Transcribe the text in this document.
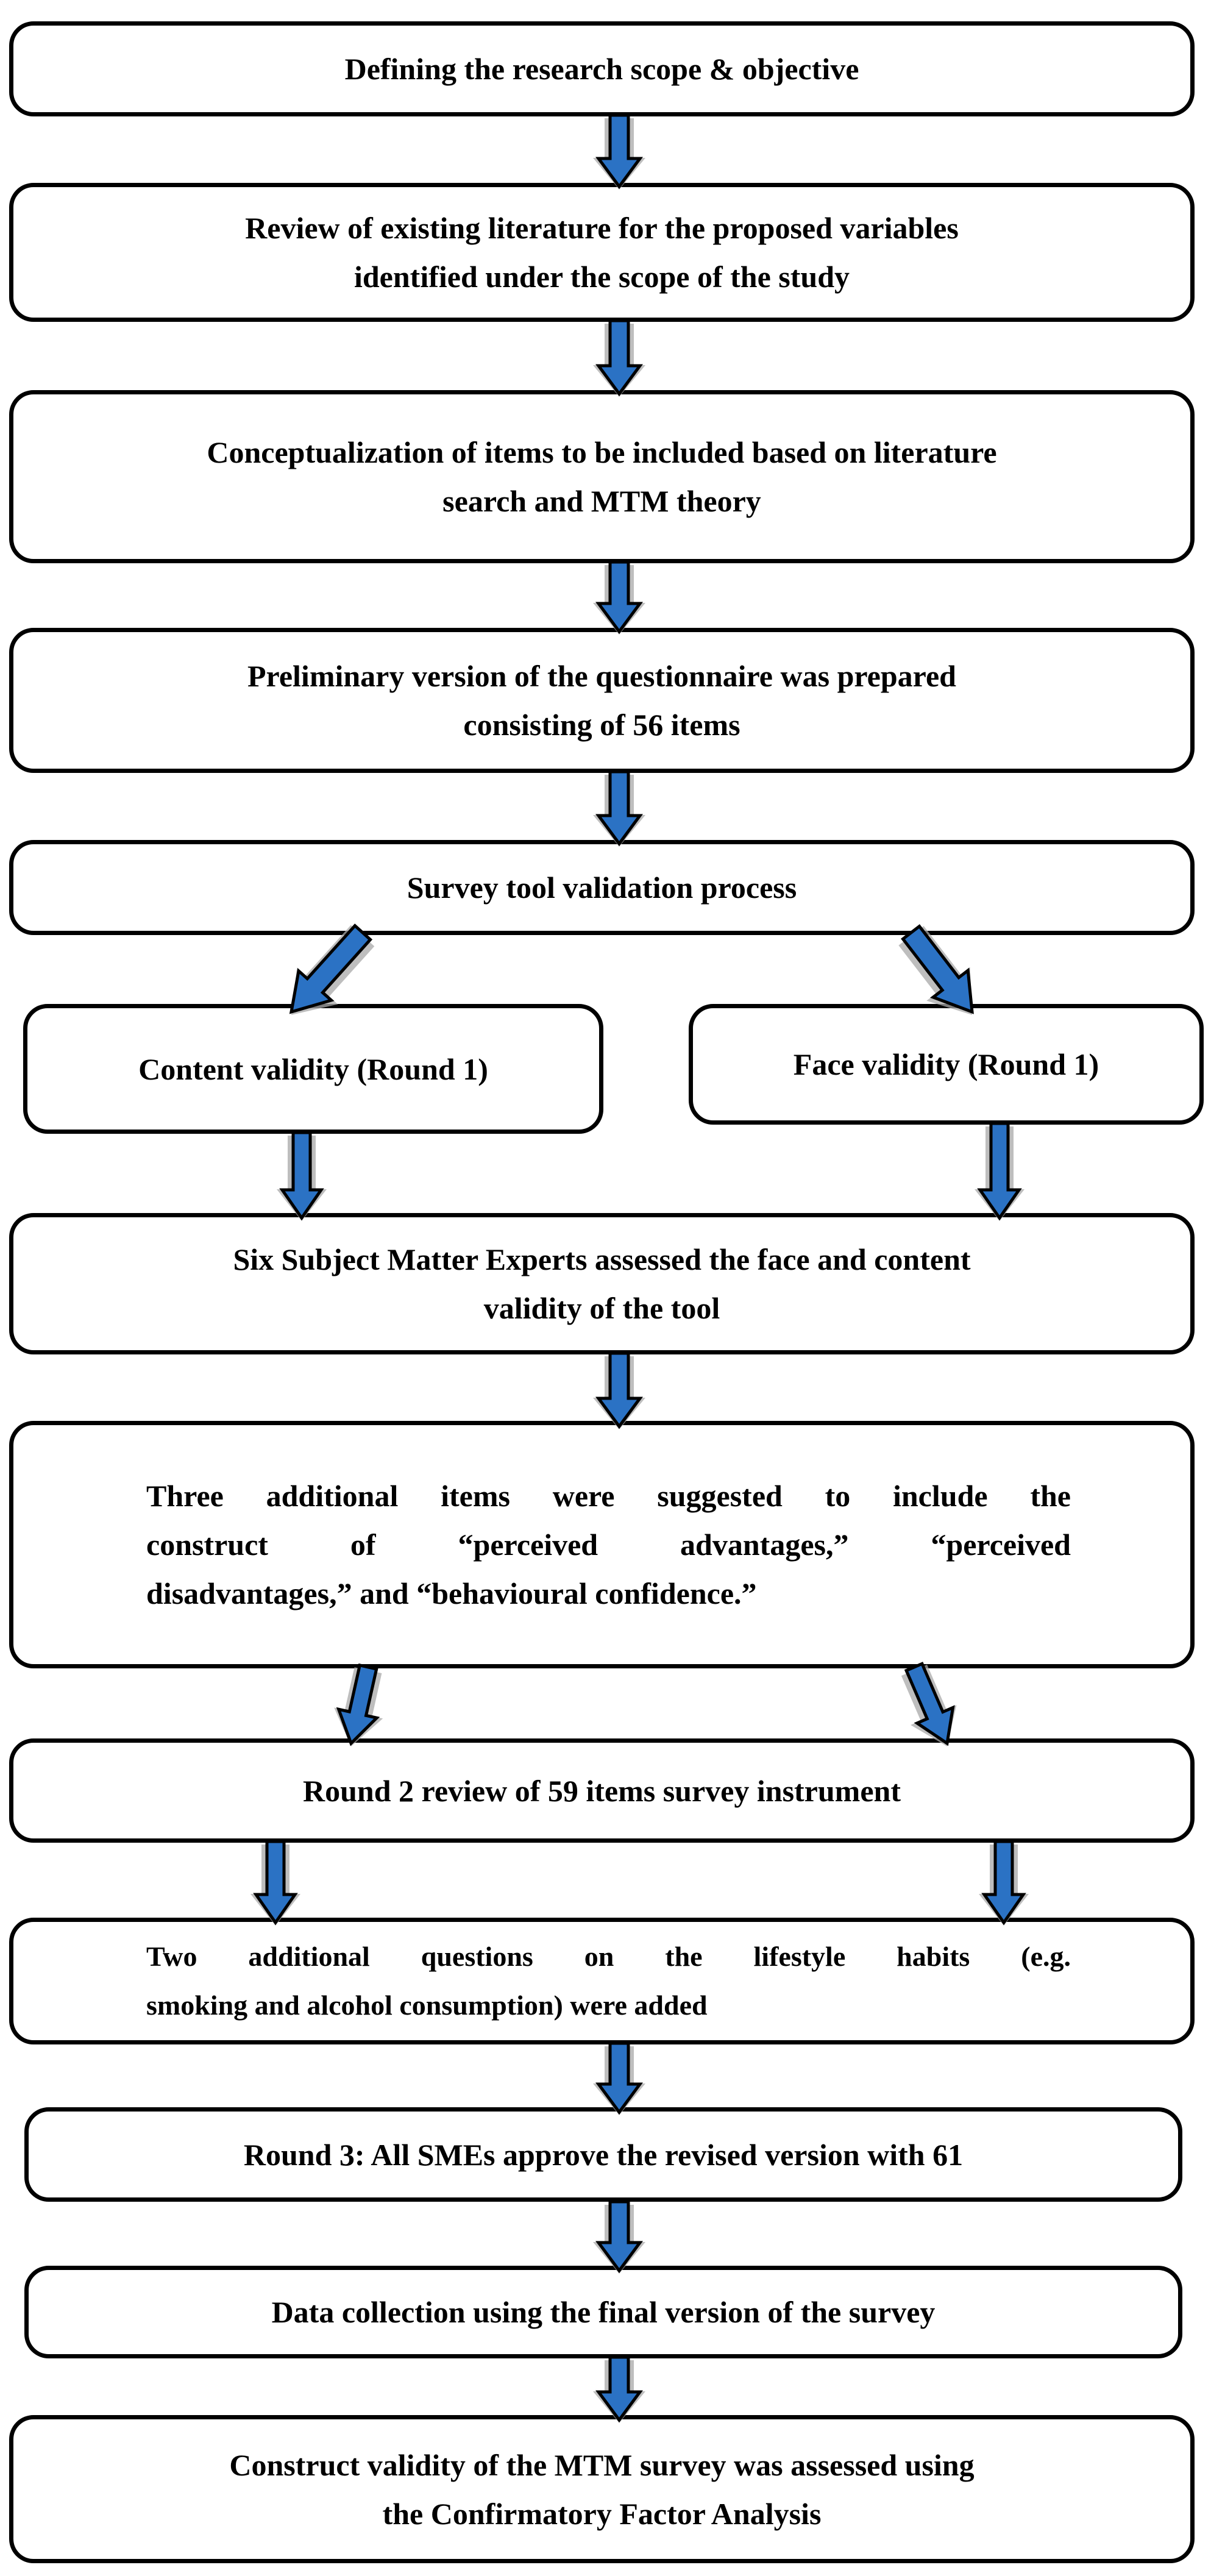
Defining the research scope & objective
Review of existing literature for the proposed variables
identified under the scope of the study
Conceptualization of items to be included based on literature
search and MTM theory
Preliminary version of the questionnaire was prepared
consisting of 56 items
Survey tool validation process
Content validity (Round 1)	Face validity (Round 1)
Six Subject Matter Experts assessed the face and content
validity of the tool
Three additional items were suggested to include the
construct of “perceived advantages,” “perceived
disadvantages,” and “behavioural confidence.”
Round 2 review of 59 items survey instrument
Two additional questions on the lifestyle habits (e.g.
smoking and alcohol consumption) were added
Round 3: All SMEs approve the revised version with 61
Data collection using the final version of the survey
Construct validity of the MTM survey was assessed using
the Confirmatory Factor Analysis
